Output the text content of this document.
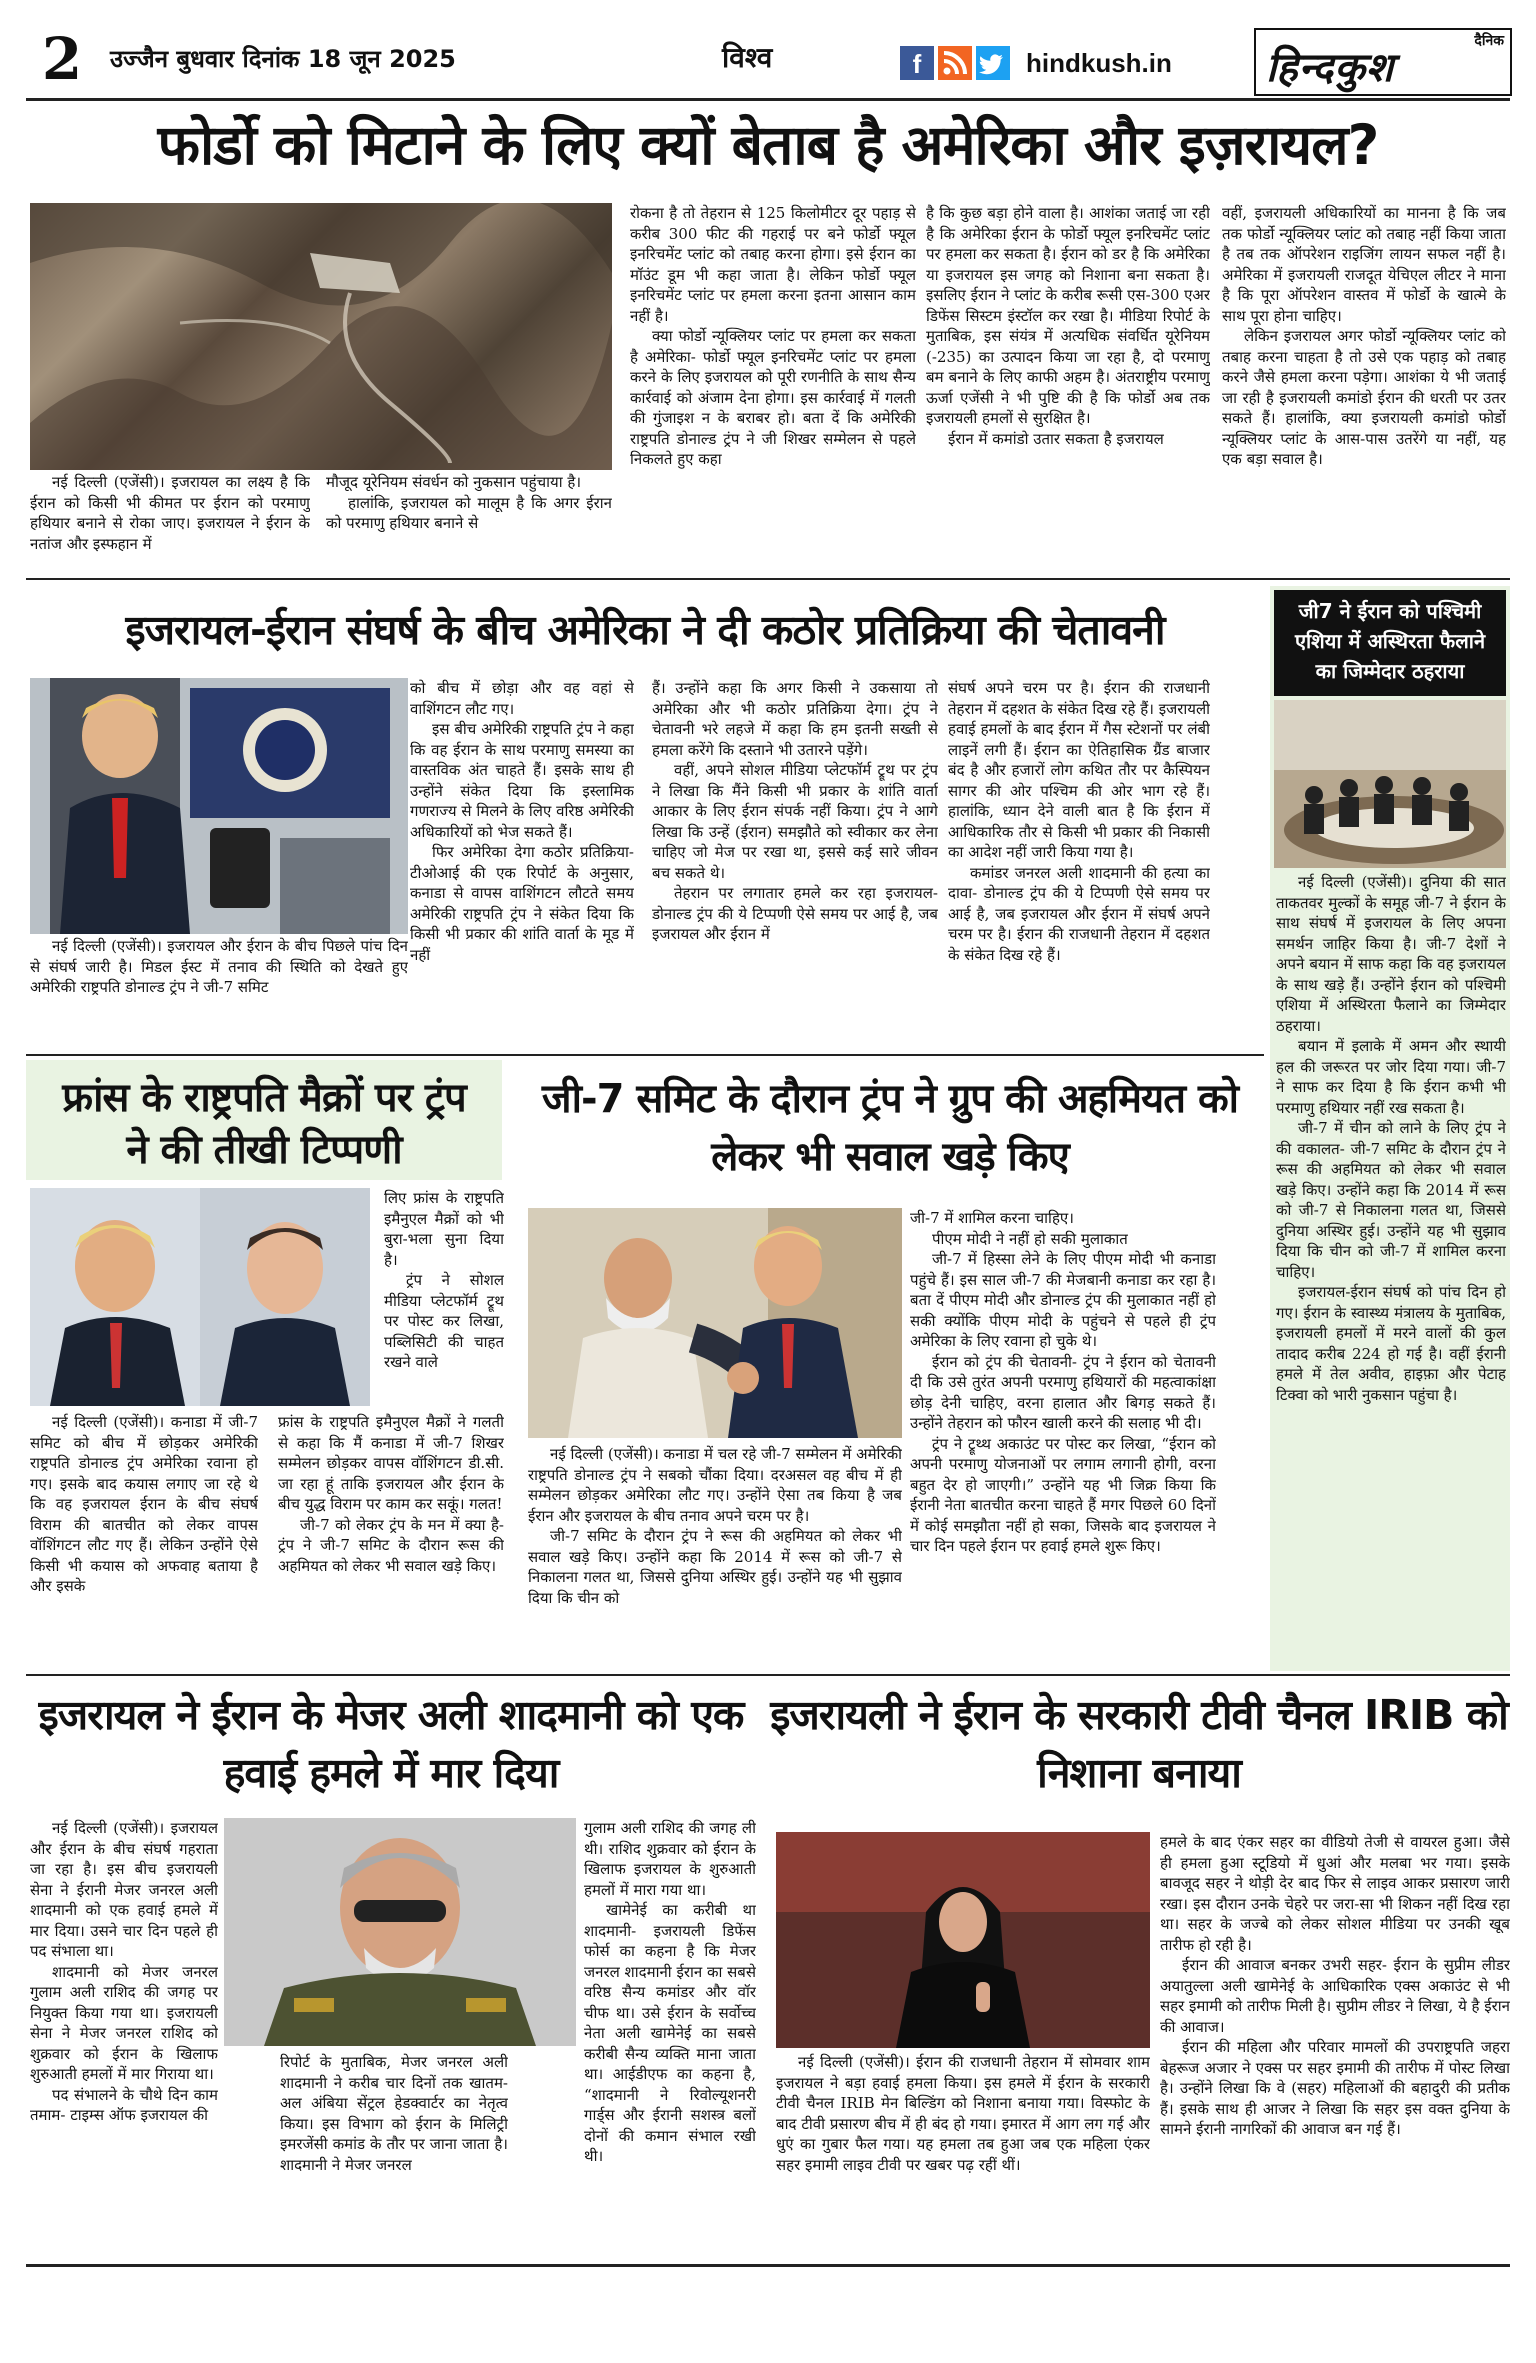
2	उज्जैन बुधवार दिनांक 18 जून 2025	विश्व	f	hindkush.in
दैनिक
हिन्दकुश
फोर्डो को मिटाने के लिए क्यों बेताब है अमेरिका और इज़रायल?

नई दिल्ली (एजेंसी)। इजरायल का लक्ष्य है कि ईरान को किसी भी कीमत पर ईरान को परमाणु हथियार बनाने से रोका जाए। इजरायल ने ईरान के नतांज और इस्फहान में

मौजूद यूरेनियम संवर्धन को नुकसान पहुंचाया है।

हालांकि, इजरायल को मालूम है कि अगर ईरान को परमाणु हथियार बनाने से

रोकना है तो तेहरान से 125 किलोमीटर दूर पहाड़ से करीब 300 फीट की गहराई पर बने फोर्डो फ्यूल इनरिचमेंट प्लांट को तबाह करना होगा। इसे ईरान का मॉउंट डूम भी कहा जाता है। लेकिन फोर्डो फ्यूल इनरिचमेंट प्लांट पर हमला करना इतना आसान काम नहीं है।

क्या फोर्डो न्यूक्लियर प्लांट पर हमला कर सकता है अमेरिका- फोर्डो फ्यूल इनरिचमेंट प्लांट पर हमला करने के लिए इजरायल को पूरी रणनीति के साथ सैन्य कार्रवाई को अंजाम देना होगा। इस कार्रवाई में गलती की गुंजाइश न के बराबर हो। बता दें कि अमेरिकी राष्ट्रपति डोनाल्ड ट्रंप ने जी शिखर सम्मेलन से पहले निकलते हुए कहा

है कि कुछ बड़ा होने वाला है। आशंका जताई जा रही है कि अमेरिका ईरान के फोर्डो फ्यूल इनरिचमेंट प्लांट पर हमला कर सकता है। ईरान को डर है कि अमेरिका या इजरायल इस जगह को निशाना बना सकता है। इसलिए ईरान ने प्लांट के करीब रूसी एस-300 एअर डिफेंस सिस्टम इंस्टॉल कर रखा है। मीडिया रिपोर्ट के मुताबिक, इस संयंत्र में अत्यधिक संवर्धित यूरेनियम (-235) का उत्पादन किया जा रहा है, दो परमाणु बम बनाने के लिए काफी अहम है। अंतराष्ट्रीय परमाणु ऊर्जा एजेंसी ने भी पुष्टि की है कि फोर्डो अब तक इजरायली हमलों से सुरक्षित है।

ईरान में कमांडो उतार सकता है इजरायल

वहीं, इजरायली अधिकारियों का मानना है कि जब तक फोर्डो न्यूक्लियर प्लांट को तबाह नहीं किया जाता है तब तक ऑपरेशन राइजिंग लायन सफल नहीं है। अमेरिका में इजरायली राजदूत येचिएल लीटर ने माना है कि पूरा ऑपरेशन वास्तव में फोर्डो के खात्मे के साथ पूरा होना चाहिए।

लेकिन इजरायल अगर फोर्डो न्यूक्लियर प्लांट को तबाह करना चाहता है तो उसे एक पहाड़ को तबाह करने जैसे हमला करना पड़ेगा। आशंका ये भी जताई जा रही है इजरायली कमांडो ईरान की धरती पर उतर सकते हैं। हालांकि, क्या इजरायली कमांडो फोर्डो न्यूक्लियर प्लांट के आस-पास उतरेंगे या नहीं, यह एक बड़ा सवाल है।

इजरायल-ईरान संघर्ष के बीच अमेरिका ने दी कठोर प्रतिक्रिया की चेतावनी

नई दिल्ली (एजेंसी)। इजरायल और ईरान के बीच पिछले पांच दिन से संघर्ष जारी है। मिडल ईस्ट में तनाव की स्थिति को देखते हुए अमेरिकी राष्ट्रपति डोनाल्ड ट्रंप ने जी-7 समिट

को बीच में छोड़ा और वह वहां से वाशिंगटन लौट गए।

इस बीच अमेरिकी राष्ट्रपति ट्रंप ने कहा कि वह ईरान के साथ परमाणु समस्या का वास्तविक अंत चाहते हैं। इसके साथ ही उन्होंने संकेत दिया कि इस्लामिक गणराज्य से मिलने के लिए वरिष्ठ अमेरिकी अधिकारियों को भेज सकते हैं।

फिर अमेरिका देगा कठोर प्रतिक्रिया- टीओआई की एक रिपोर्ट के अनुसार, कनाडा से वापस वाशिंगटन लौटते समय अमेरिकी राष्ट्रपति ट्रंप ने संकेत दिया कि किसी भी प्रकार की शांति वार्ता के मूड में नहीं

हैं। उन्होंने कहा कि अगर किसी ने उकसाया तो अमेरिका और भी कठोर प्रतिक्रिया देगा। ट्रंप ने चेतावनी भरे लहजे में कहा कि हम इतनी सख्ती से हमला करेंगे कि दस्ताने भी उतारने पड़ेंगे।

वहीं, अपने सोशल मीडिया प्लेटफॉर्म ट्रूथ पर ट्रंप ने लिखा कि मैंने किसी भी प्रकार के शांति वार्ता आकार के लिए ईरान संपर्क नहीं किया। ट्रंप ने आगे लिखा कि उन्हें (ईरान) समझौते को स्वीकार कर लेना चाहिए जो मेज पर रखा था, इससे कई सारे जीवन बच सकते थे।

तेहरान पर लगातार हमले कर रहा इजरायल- डोनाल्ड ट्रंप की ये टिप्पणी ऐसे समय पर आई है, जब इजरायल और ईरान में

संघर्ष अपने चरम पर है। ईरान की राजधानी तेहरान में दहशत के संकेत दिख रहे हैं। इजरायली हवाई हमलों के बाद ईरान में गैस स्टेशनों पर लंबी लाइनें लगी हैं। ईरान का ऐतिहासिक ग्रैंड बाजार बंद है और हजारों लोग कथित तौर पर कैस्पियन सागर की ओर पश्चिम की ओर भाग रहे हैं। हालांकि, ध्यान देने वाली बात है कि ईरान में आधिकारिक तौर से किसी भी प्रकार की निकासी का आदेश नहीं जारी किया गया है।

कमांडर जनरल अली शादमानी की हत्या का दावा- डोनाल्ड ट्रंप की ये टिप्पणी ऐसे समय पर आई है, जब इजरायल और ईरान में संघर्ष अपने चरम पर है। ईरान की राजधानी तेहरान में दहशत के संकेत दिख रहे हैं।

जी7 ने ईरान को पश्चिमी एशिया में अस्थिरता फैलाने का जिम्मेदार ठहराया

नई दिल्ली (एजेंसी)। दुनिया की सात ताकतवर मुल्कों के समूह जी-7 ने ईरान के साथ संघर्ष में इजरायल के लिए अपना समर्थन जाहिर किया है। जी-7 देशों ने अपने बयान में साफ कहा कि वह इजरायल के साथ खड़े हैं। उन्होंने ईरान को पश्चिमी एशिया में अस्थिरता फैलाने का जिम्मेदार ठहराया।

बयान में इलाके में अमन और स्थायी हल की जरूरत पर जोर दिया गया। जी-7 ने साफ कर दिया है कि ईरान कभी भी परमाणु हथियार नहीं रख सकता है।

जी-7 में चीन को लाने के लिए ट्रंप ने की वकालत- जी-7 समिट के दौरान ट्रंप ने रूस की अहमियत को लेकर भी सवाल खड़े किए। उन्होंने कहा कि 2014 में रूस को जी-7 से निकालना गलत था, जिससे दुनिया अस्थिर हुई। उन्होंने यह भी सुझाव दिया कि चीन को जी-7 में शामिल करना चाहिए।

इजरायल-ईरान संघर्ष को पांच दिन हो गए। ईरान के स्वास्थ्य मंत्रालय के मुताबिक, इजरायली हमलों में मरने वालों की कुल तादाद करीब 224 हो गई है। वहीं ईरानी हमले में तेल अवीव, हाइफ़ा और पेटाह टिक्वा को भारी नुकसान पहुंचा है।

फ्रांस के राष्ट्रपति मैक्रों पर ट्रंप ने की तीखी टिप्पणी

नई दिल्ली (एजेंसी)। कनाडा में जी-7 समिट को बीच में छोड़कर अमेरिकी राष्ट्रपति डोनाल्ड ट्रंप अमेरिका रवाना हो गए। इसके बाद कयास लगाए जा रहे थे कि वह इजरायल ईरान के बीच संघर्ष विराम की बातचीत को लेकर वापस वॉशिंगटन लौट गए हैं। लेकिन उन्होंने ऐसे किसी भी कयास को अफवाह बताया है और इसके

लिए फ्रांस के राष्ट्रपति इमैनुएल मैक्रों को भी बुरा-भला सुना दिया है।

ट्रंप ने सोशल मीडिया प्लेटफॉर्म ट्रूथ पर पोस्ट कर लिखा, पब्लिसिटी की चाहत रखने वाले

फ्रांस के राष्ट्रपति इमैनुएल मैक्रों ने गलती से कहा कि मैं कनाडा में जी-7 शिखर सम्मेलन छोड़कर वापस वॉशिंगटन डी.सी. जा रहा हूं ताकि इजरायल और ईरान के बीच युद्ध विराम पर काम कर सकूं। गलत!

जी-7 को लेकर ट्रंप के मन में क्या है- ट्रंप ने जी-7 समिट के दौरान रूस की अहमियत को लेकर भी सवाल खड़े किए।

जी-7 समिट के दौरान ट्रंप ने ग्रुप की अहमियत को लेकर भी सवाल खड़े किए

नई दिल्ली (एजेंसी)। कनाडा में चल रहे जी-7 सम्मेलन में अमेरिकी राष्ट्रपति डोनाल्ड ट्रंप ने सबको चौंका दिया। दरअसल वह बीच में ही सम्मेलन छोड़कर अमेरिका लौट गए। उन्होंने ऐसा तब किया है जब ईरान और इजरायल के बीच तनाव अपने चरम पर है।

जी-7 समिट के दौरान ट्रंप ने रूस की अहमियत को लेकर भी सवाल खड़े किए। उन्होंने कहा कि 2014 में रूस को जी-7 से निकालना गलत था, जिससे दुनिया अस्थिर हुई। उन्होंने यह भी सुझाव दिया कि चीन को

जी-7 में शामिल करना चाहिए।

पीएम मोदी ने नहीं हो सकी मुलाकात

जी-7 में हिस्सा लेने के लिए पीएम मोदी भी कनाडा पहुंचे हैं। इस साल जी-7 की मेजबानी कनाडा कर रहा है। बता दें पीएम मोदी और डोनाल्ड ट्रंप की मुलाकात नहीं हो सकी क्योंकि पीएम मोदी के पहुंचने से पहले ही ट्रंप अमेरिका के लिए रवाना हो चुके थे।

ईरान को ट्रंप की चेतावनी- ट्रंप ने ईरान को चेतावनी दी कि उसे तुरंत अपनी परमाणु हथियारों की महत्वाकांक्षा छोड़ देनी चाहिए, वरना हालात और बिगड़ सकते हैं। उन्होंने तेहरान को फौरन खाली करने की सलाह भी दी।

ट्रंप ने ट्रूथ्थ अकाउंट पर पोस्ट कर लिखा, “ईरान को अपनी परमाणु योजनाओं पर लगाम लगानी होगी, वरना बहुत देर हो जाएगी।” उन्होंने यह भी जिक्र किया कि ईरानी नेता बातचीत करना चाहते हैं मगर पिछले 60 दिनों में कोई समझौता नहीं हो सका, जिसके बाद इजरायल ने चार दिन पहले ईरान पर हवाई हमले शुरू किए।

इजरायल ने ईरान के मेजर अली शादमानी को एक हवाई हमले में मार दिया

नई दिल्ली (एजेंसी)। इजरायल और ईरान के बीच संघर्ष गहराता जा रहा है। इस बीच इजरायली सेना ने ईरानी मेजर जनरल अली शादमानी को एक हवाई हमले में मार दिया। उसने चार दिन पहले ही पद संभाला था।

शादमानी को मेजर जनरल गुलाम अली राशिद की जगह पर नियुक्त किया गया था। इजरायली सेना ने मेजर जनरल राशिद को शुक्रवार को ईरान के खिलाफ शुरुआती हमलों में मार गिराया था।

पद संभालने के चौथे दिन काम तमाम- टाइम्स ऑफ इजरायल की

रिपोर्ट के मुताबिक, मेजर जनरल अली शादमानी ने करीब चार दिनों तक खातम-अल अंबिया सेंट्रल हेडक्वार्टर का नेतृत्व किया। इस विभाग को ईरान के मिलिट्री इमरजेंसी कमांड के तौर पर जाना जाता है। शादमानी ने मेजर जनरल

गुलाम अली राशिद की जगह ली थी। राशिद शुक्रवार को ईरान के खिलाफ इजरायल के शुरुआती हमलों में मारा गया था।

खामेनेई का करीबी था शादमानी- इजरायली डिफेंस फोर्स का कहना है कि मेजर जनरल शादमानी ईरान का सबसे वरिष्ठ सैन्य कमांडर और वॉर चीफ था। उसे ईरान के सर्वोच्च नेता अली खामेनेई का सबसे करीबी सैन्य व्यक्ति माना जाता था। आईडीएफ का कहना है, “शादमानी ने रिवोल्यूशनरी गार्ड्स और ईरानी सशस्त्र बलों दोनों की कमान संभाल रखी थी।

इजरायली ने ईरान के सरकारी टीवी चैनल IRIB को निशाना बनाया

नई दिल्ली (एजेंसी)। ईरान की राजधानी तेहरान में सोमवार शाम इजरायल ने बड़ा हवाई हमला किया। इस हमले में ईरान के सरकारी टीवी चैनल IRIB मेन बिल्डिंग को निशाना बनाया गया। विस्फोट के बाद टीवी प्रसारण बीच में ही बंद हो गया। इमारत में आग लग गई और धुएं का गुबार फैल गया। यह हमला तब हुआ जब एक महिला एंकर सहर इमामी लाइव टीवी पर खबर पढ़ रहीं थीं।

हमले के बाद एंकर सहर का वीडियो तेजी से वायरल हुआ। जैसे ही हमला हुआ स्टूडियो में धुआं और मलबा भर गया। इसके बावजूद सहर ने थोड़ी देर बाद फिर से लाइव आकर प्रसारण जारी रखा। इस दौरान उनके चेहरे पर जरा-सा भी शिकन नहीं दिख रहा था। सहर के जज्बे को लेकर सोशल मीडिया पर उनकी खूब तारीफ हो रही है।

ईरान की आवाज बनकर उभरी सहर- ईरान के सुप्रीम लीडर अयातुल्ला अली खामेनेई के आधिकारिक एक्स अकाउंट से भी सहर इमामी को तारीफ मिली है। सुप्रीम लीडर ने लिखा, ये है ईरान की आवाज।

ईरान की महिला और परिवार मामलों की उपराष्ट्रपति जहरा बेहरूज अजार ने एक्स पर सहर इमामी की तारीफ में पोस्ट लिखा है। उन्होंने लिखा कि वे (सहर) महिलाओं की बहादुरी की प्रतीक हैं। इसके साथ ही आजर ने लिखा कि सहर इस वक्त दुनिया के सामने ईरानी नागरिकों की आवाज बन गई हैं।
